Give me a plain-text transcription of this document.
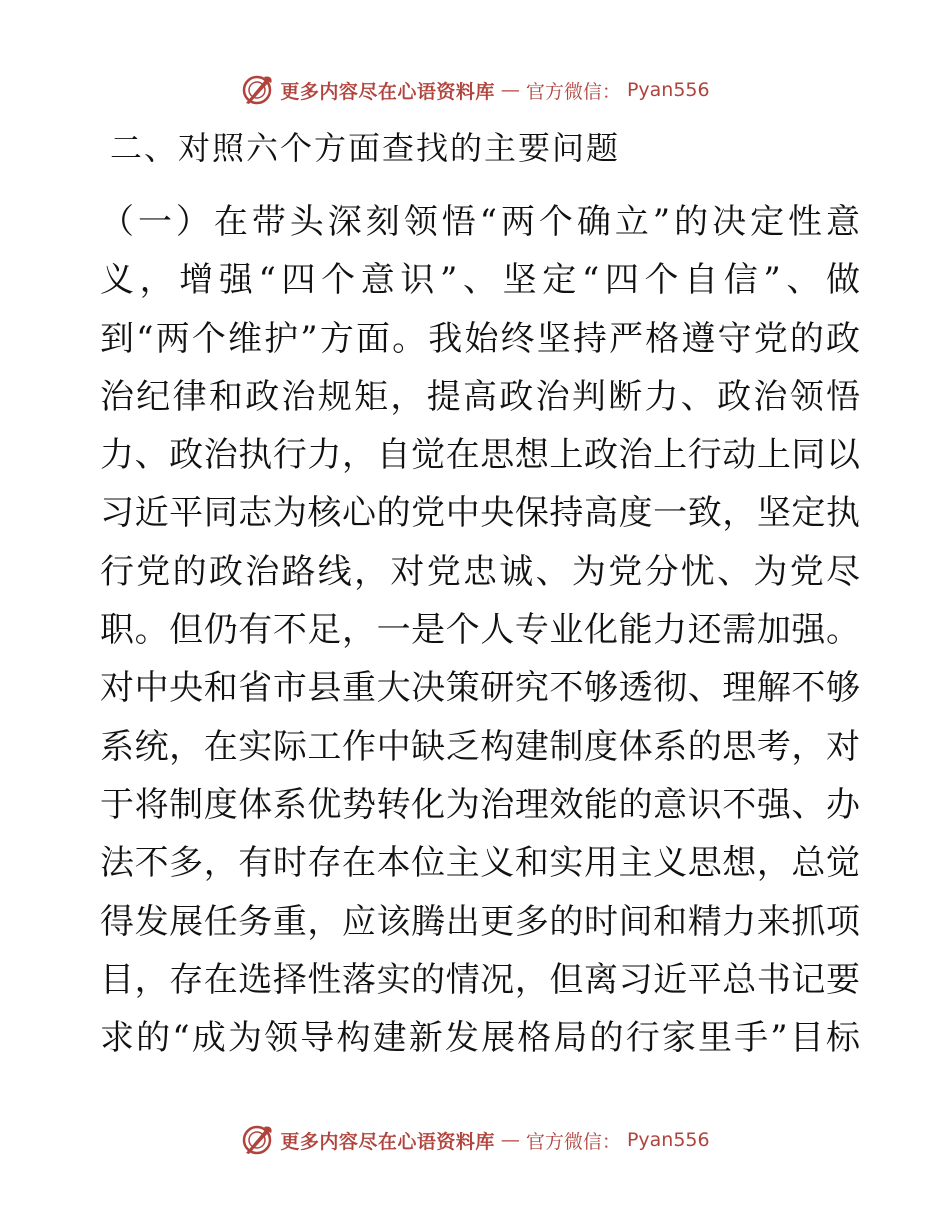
更多内容尽在心语资料库 — 官方微信： Pyan556
二、对照六个方面查找的主要问题
（一）在带头深刻领悟“两个确立”的决定性意
义，增强“四个意识”、坚定“四个自信”、做
到“两个维护”方面。我始终坚持严格遵守党的政
治纪律和政治规矩，提高政治判断力、政治领悟
力、政治执行力，自觉在思想上政治上行动上同以
习近平同志为核心的党中央保持高度一致，坚定执
行党的政治路线，对党忠诚、为党分忧、为党尽
职。但仍有不足，一是个人专业化能力还需加强。
对中央和省市县重大决策研究不够透彻、理解不够
系统，在实际工作中缺乏构建制度体系的思考，对
于将制度体系优势转化为治理效能的意识不强、办
法不多，有时存在本位主义和实用主义思想，总觉
得发展任务重，应该腾出更多的时间和精力来抓项
目，存在选择性落实的情况，但离习近平总书记要
求的“成为领导构建新发展格局的行家里手”目标
更多内容尽在心语资料库 — 官方微信： Pyan556
